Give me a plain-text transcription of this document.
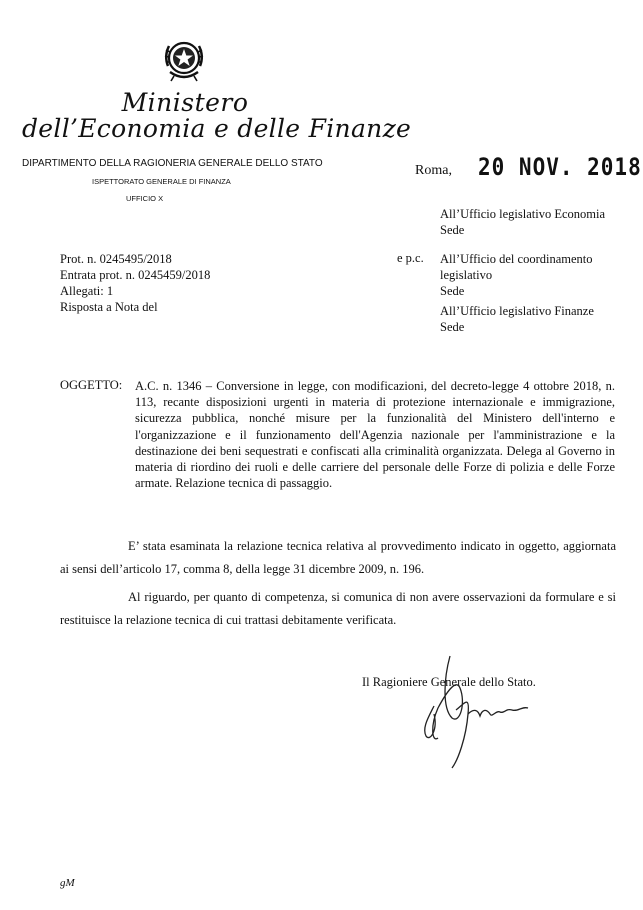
Ministero
dell’Economia e delle Finanze
DIPARTIMENTO DELLA RAGIONERIA GENERALE DELLO STATO
ISPETTORATO GENERALE DI FINANZA
UFFICIO X
Roma, 20 NOV. 2018
All’Ufficio legislativo Economia
Sede
e p.c. All’Ufficio del coordinamento legislativo
Sede
All’Ufficio legislativo Finanze
Sede
Prot. n. 0245495/2018
Entrata prot. n. 0245459/2018
Allegati: 1
Risposta a Nota del
OGGETTO: A.C. n. 1346 – Conversione in legge, con modificazioni, del decreto-legge 4 ottobre 2018, n. 113, recante disposizioni urgenti in materia di protezione internazionale e immigrazione, sicurezza pubblica, nonché misure per la funzionalità del Ministero dell'interno e l'organizzazione e il funzionamento dell'Agenzia nazionale per l'amministrazione e la destinazione dei beni sequestrati e confiscati alla criminalità organizzata. Delega al Governo in materia di riordino dei ruoli e delle carriere del personale delle Forze di polizia e delle Forze armate. Relazione tecnica di passaggio.
E’ stata esaminata la relazione tecnica relativa al provvedimento indicato in oggetto, aggiornata ai sensi dell’articolo 17, comma 8, della legge 31 dicembre 2009, n. 196.
Al riguardo, per quanto di competenza, si comunica di non avere osservazioni da formulare e si restituisce la relazione tecnica di cui trattasi debitamente verificata.
Il Ragioniere Generale dello Stato.
gM
